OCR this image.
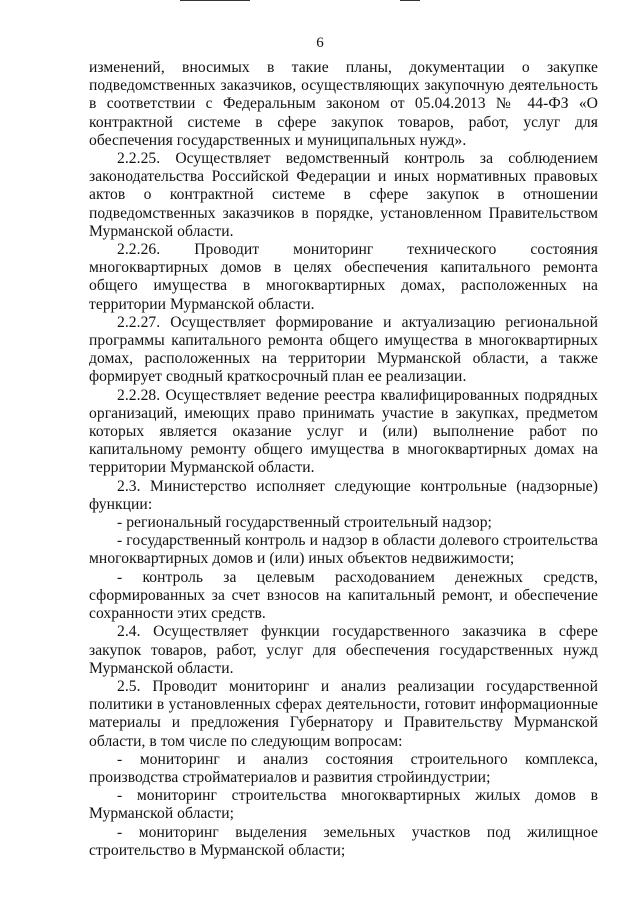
6

изменений, вносимых в такие планы, документации о закупке подведомственных заказчиков, осуществляющих закупочную деятельность в соответствии с Федеральным законом от 05.04.2013 № 44-ФЗ «О контрактной системе в сфере закупок товаров, работ, услуг для обеспечения государственных и муниципальных нужд».

2.2.25. Осуществляет ведомственный контроль за соблюдением законодательства Российской Федерации и иных нормативных правовых актов о контрактной системе в сфере закупок в отношении подведомственных заказчиков в порядке, установленном Правительством Мурманской области.

2.2.26. Проводит мониторинг технического состояния многоквартирных домов в целях обеспечения капитального ремонта общего имущества в многоквартирных домах, расположенных на территории Мурманской области.

2.2.27. Осуществляет формирование и актуализацию региональной программы капитального ремонта общего имущества в многоквартирных домах, расположенных на территории Мурманской области, а также формирует сводный краткосрочный план ее реализации.

2.2.28. Осуществляет ведение реестра квалифицированных подрядных организаций, имеющих право принимать участие в закупках, предметом которых является оказание услуг и (или) выполнение работ по капитальному ремонту общего имущества в многоквартирных домах на территории Мурманской области.

2.3. Министерство исполняет следующие контрольные (надзорные) функции:

- региональный государственный строительный надзор;

- государственный контроль и надзор в области долевого строительства многоквартирных домов и (или) иных объектов недвижимости;

- контроль за целевым расходованием денежных средств, сформированных за счет взносов на капитальный ремонт, и обеспечение сохранности этих средств.

2.4. Осуществляет функции государственного заказчика в сфере закупок товаров, работ, услуг для обеспечения государственных нужд Мурманской области.

2.5. Проводит мониторинг и анализ реализации государственной политики в установленных сферах деятельности, готовит информационные материалы и предложения Губернатору и Правительству Мурманской области, в том числе по следующим вопросам:

- мониторинг и анализ состояния строительного комплекса, производства стройматериалов и развития стройиндустрии;

- мониторинг строительства многоквартирных жилых домов в Мурманской области;

- мониторинг выделения земельных участков под жилищное строительство в Мурманской области;
